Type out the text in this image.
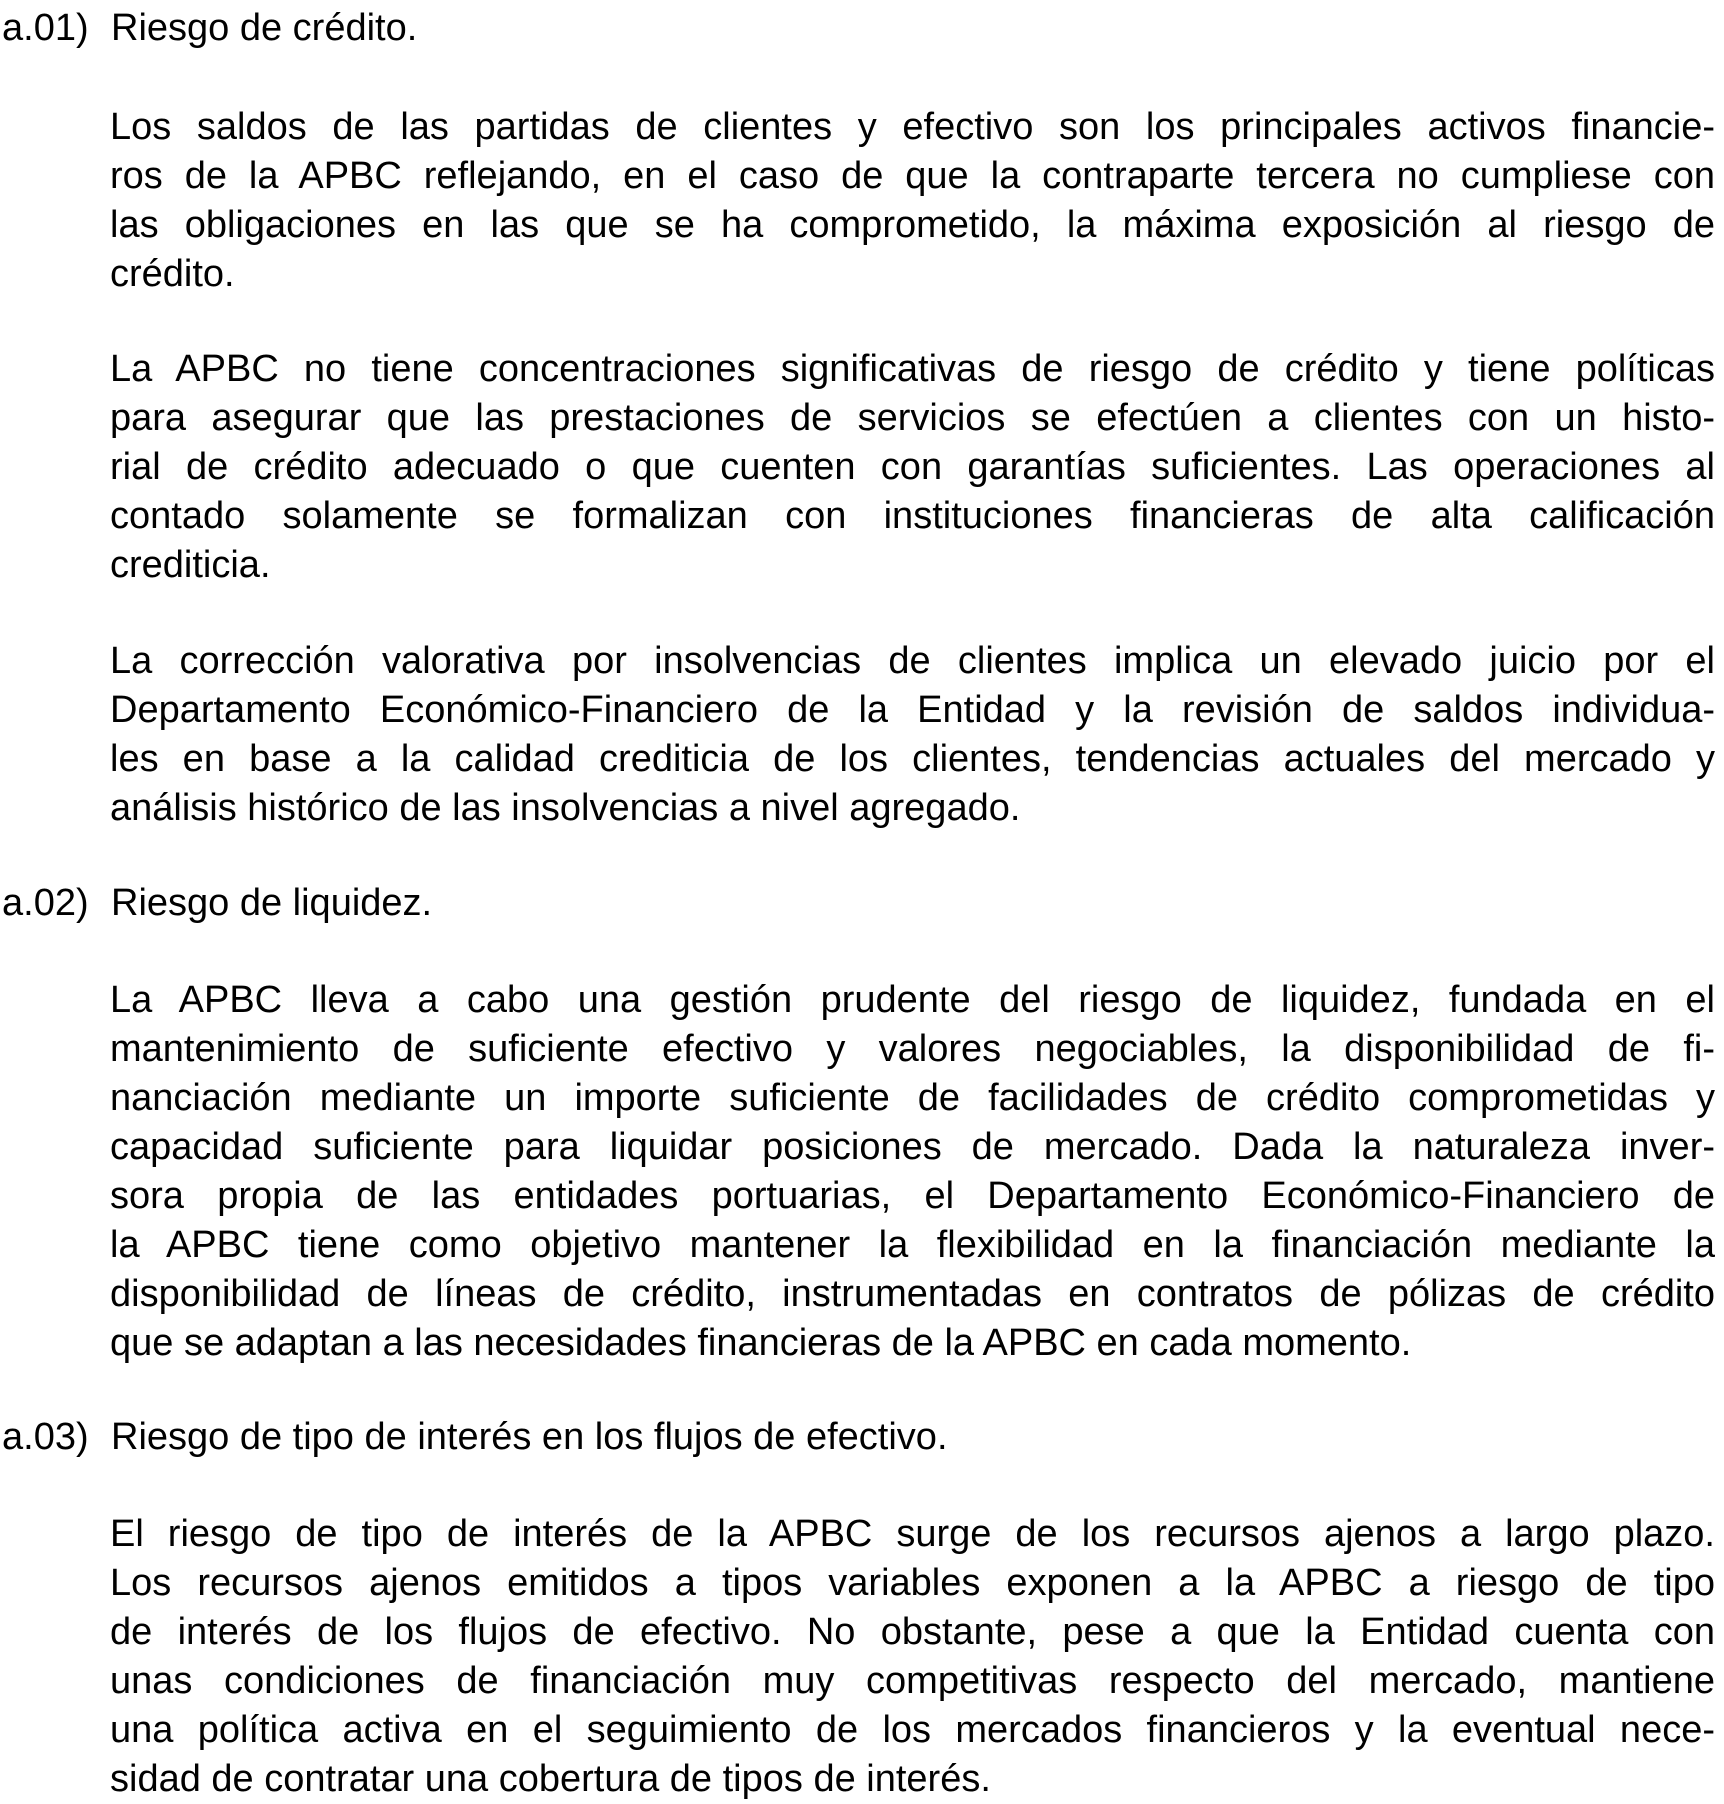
a.01) Riesgo de crédito.
Los saldos de las partidas de clientes y efectivo son los principales activos financie-
ros de la APBC reflejando, en el caso de que la contraparte tercera no cumpliese con
las obligaciones en las que se ha comprometido, la máxima exposición al riesgo de
crédito.
La APBC no tiene concentraciones significativas de riesgo de crédito y tiene políticas
para asegurar que las prestaciones de servicios se efectúen a clientes con un histo-
rial de crédito adecuado o que cuenten con garantías suficientes. Las operaciones al
contado solamente se formalizan con instituciones financieras de alta calificación
crediticia.
La corrección valorativa por insolvencias de clientes implica un elevado juicio por el
Departamento Económico-Financiero de la Entidad y la revisión de saldos individua-
les en base a la calidad crediticia de los clientes, tendencias actuales del mercado y
análisis histórico de las insolvencias a nivel agregado.
a.02) Riesgo de liquidez.
La APBC lleva a cabo una gestión prudente del riesgo de liquidez, fundada en el
mantenimiento de suficiente efectivo y valores negociables, la disponibilidad de fi-
nanciación mediante un importe suficiente de facilidades de crédito comprometidas y
capacidad suficiente para liquidar posiciones de mercado. Dada la naturaleza inver-
sora propia de las entidades portuarias, el Departamento Económico-Financiero de
la APBC tiene como objetivo mantener la flexibilidad en la financiación mediante la
disponibilidad de líneas de crédito, instrumentadas en contratos de pólizas de crédito
que se adaptan a las necesidades financieras de la APBC en cada momento.
a.03) Riesgo de tipo de interés en los flujos de efectivo.
El riesgo de tipo de interés de la APBC surge de los recursos ajenos a largo plazo.
Los recursos ajenos emitidos a tipos variables exponen a la APBC a riesgo de tipo
de interés de los flujos de efectivo. No obstante, pese a que la Entidad cuenta con
unas condiciones de financiación muy competitivas respecto del mercado, mantiene
una política activa en el seguimiento de los mercados financieros y la eventual nece-
sidad de contratar una cobertura de tipos de interés.
